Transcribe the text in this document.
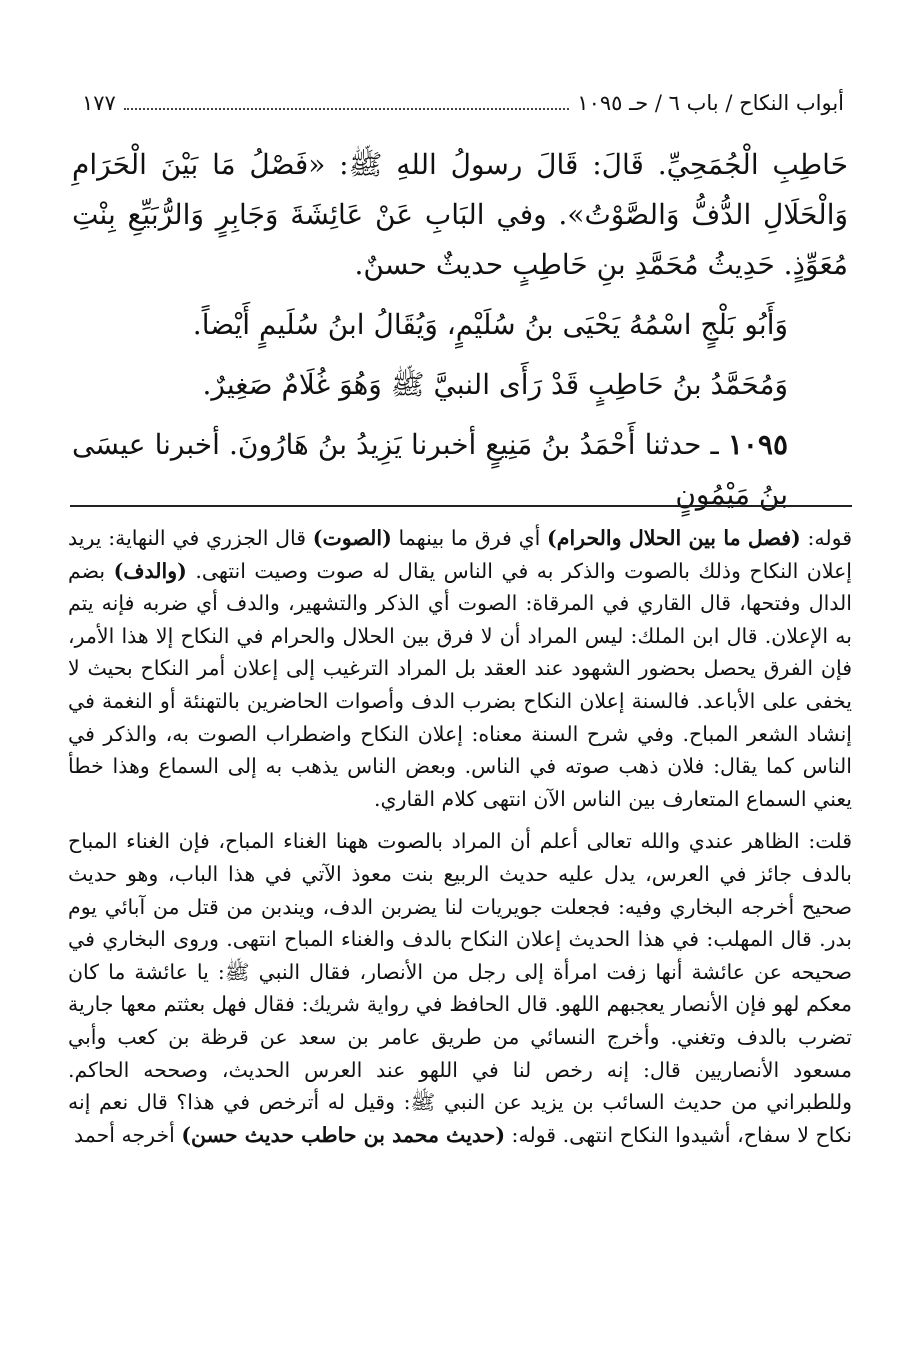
أبواب النكاح / باب ٦ / حـ ١٠٩٥
١٧٧

حَاطِبِ الْجُمَحِيِّ. قَالَ: قَالَ رسولُ اللهِ ﷺ: «فَصْلُ مَا بَيْنَ الْحَرَامِ وَالْحَلَالِ الدُّفُّ وَالصَّوْتُ». وفي البَابِ عَنْ عَائِشَةَ وَجَابِرٍ وَالرُّبَيِّعِ بِنْتِ مُعَوِّذٍ. حَدِيثُ مُحَمَّدِ بنِ حَاطِبٍ حديثٌ حسنٌ.

وَأَبُو بَلْجٍ اسْمُهُ يَحْيَى بنُ سُلَيْمٍ، وَيُقَالُ ابنُ سُلَيمٍ أَيْضاً.

وَمُحَمَّدُ بنُ حَاطِبٍ قَدْ رَأَى النبيَّ ﷺ وَهُوَ غُلَامٌ صَغِيرٌ.

١٠٩٥ ـ حدثنا أَحْمَدُ بنُ مَنِيعٍ أخبرنا يَزِيدُ بنُ هَارُونَ. أخبرنا عيسَى بنُ مَيْمُونٍ

قوله: (فصل ما بين الحلال والحرام) أي فرق ما بينهما (الصوت) قال الجزري في النهاية: يريد إعلان النكاح وذلك بالصوت والذكر به في الناس يقال له صوت وصيت انتهى. (والدف) بضم الدال وفتحها، قال القاري في المرقاة: الصوت أي الذكر والتشهير، والدف أي ضربه فإنه يتم به الإعلان. قال ابن الملك: ليس المراد أن لا فرق بين الحلال والحرام في النكاح إلا هذا الأمر، فإن الفرق يحصل بحضور الشهود عند العقد بل المراد الترغيب إلى إعلان أمر النكاح بحيث لا يخفى على الأباعد. فالسنة إعلان النكاح بضرب الدف وأصوات الحاضرين بالتهنئة أو النغمة في إنشاد الشعر المباح. وفي شرح السنة معناه: إعلان النكاح واضطراب الصوت به، والذكر في الناس كما يقال: فلان ذهب صوته في الناس. وبعض الناس يذهب به إلى السماع وهذا خطأ يعني السماع المتعارف بين الناس الآن انتهى كلام القاري.

قلت: الظاهر عندي والله تعالى أعلم أن المراد بالصوت ههنا الغناء المباح، فإن الغناء المباح بالدف جائز في العرس، يدل عليه حديث الربيع بنت معوذ الآتي في هذا الباب، وهو حديث صحيح أخرجه البخاري وفيه: فجعلت جويريات لنا يضربن الدف، ويندبن من قتل من آبائي يوم بدر. قال المهلب: في هذا الحديث إعلان النكاح بالدف والغناء المباح انتهى. وروى البخاري في صحيحه عن عائشة أنها زفت امرأة إلى رجل من الأنصار، فقال النبي ﷺ: يا عائشة ما كان معكم لهو فإن الأنصار يعجبهم اللهو. قال الحافظ في رواية شريك: فقال فهل بعثتم معها جارية تضرب بالدف وتغني. وأخرج النسائي من طريق عامر بن سعد عن قرظة بن كعب وأبي مسعود الأنصاريين قال: إنه رخص لنا في اللهو عند العرس الحديث، وصححه الحاكم. وللطبراني من حديث السائب بن يزيد عن النبي ﷺ: وقيل له أترخص في هذا؟ قال نعم إنه نكاح لا سفاح، أشيدوا النكاح انتهى. قوله: (حديث محمد بن حاطب حديث حسن) أخرجه أحمد
